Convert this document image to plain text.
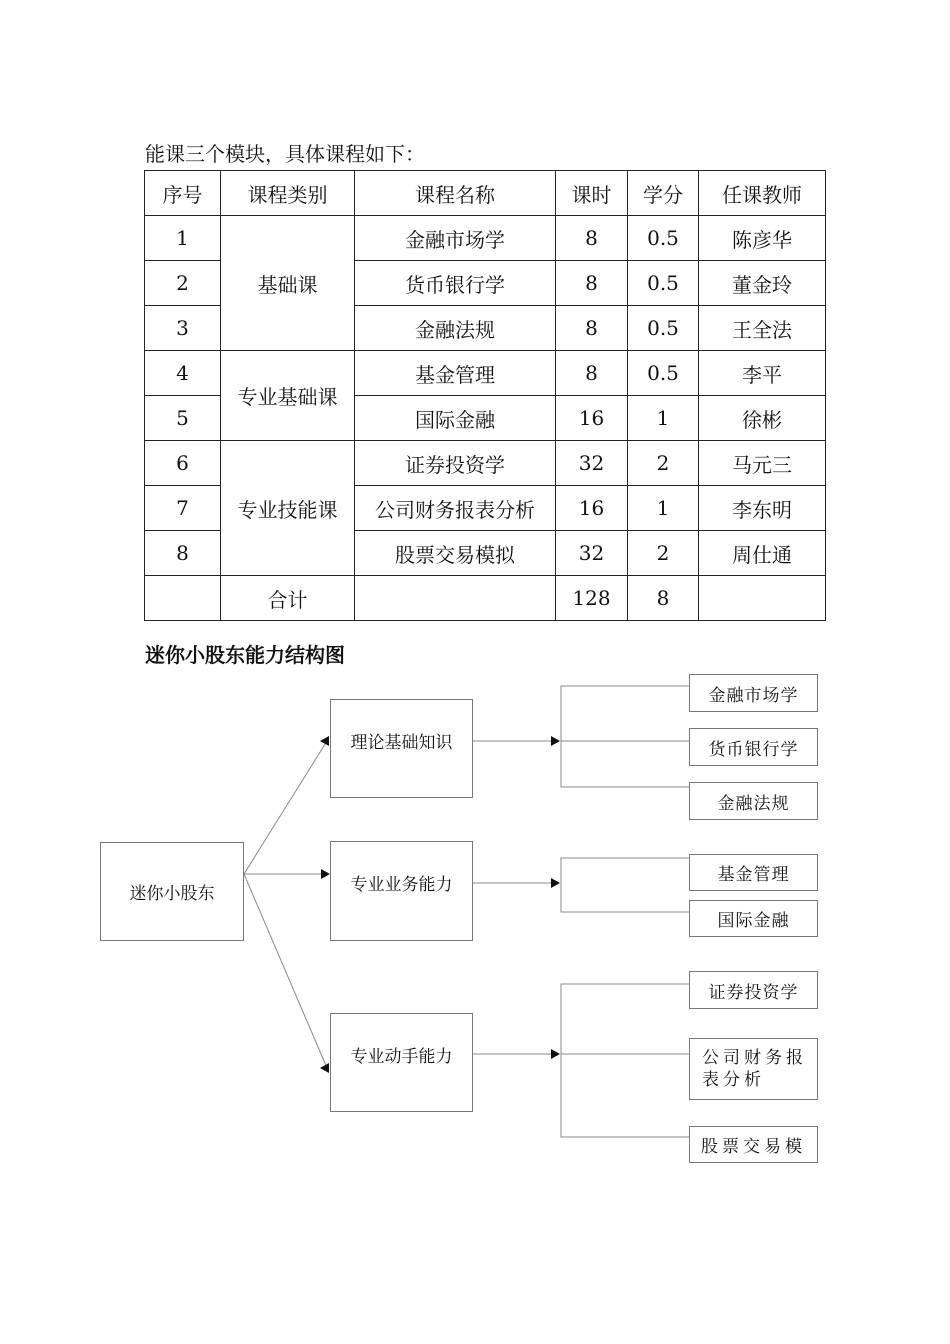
能课三个模块，具体课程如下：
序号	课程类别	课程名称	课时	学分	任课教师
1	基础课	金融市场学	8	0.5	陈彦华
2		货币银行学	8	0.5	董金玲
3		金融法规	8	0.5	王全法
4	专业基础课	基金管理	8	0.5	李平
5		国际金融	16	1	徐彬
6	专业技能课	证券投资学	32	2	马元三
7		公司财务报表分析	16	1	李东明
8		股票交易模拟	32	2	周仕通
	合计		128	8	
迷你小股东能力结构图
迷你小股东
理论基础知识
专业业务能力
专业动手能力
金融市场学
货币银行学
金融法规
基金管理
国际金融
证券投资学
公司财务报表分析
股票交易模
